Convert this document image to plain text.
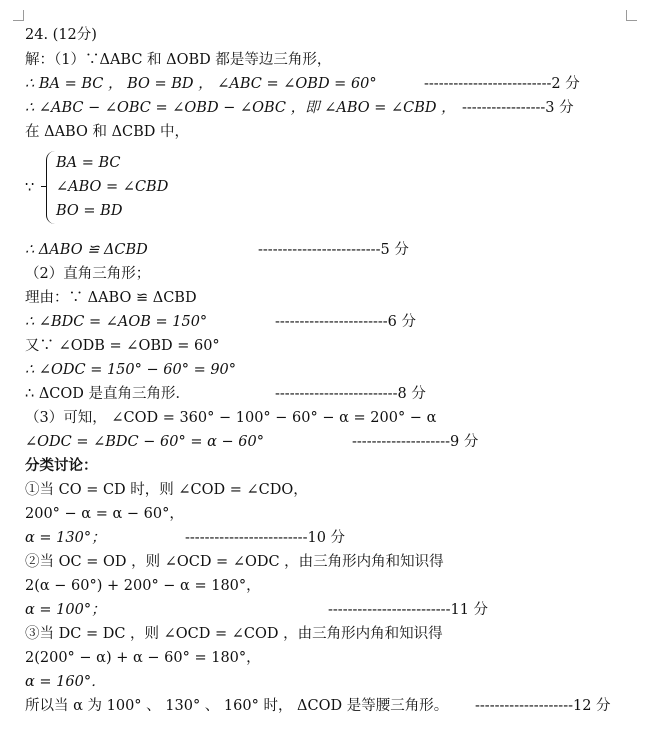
24. (12分)
解：（1）∵ΔABC 和 ΔOBD 都是等边三角形，
∴ BA = BC ， BO = BD ， ∠ABC = ∠OBD = 60°	--------------------------2 分
∴ ∠ABC − ∠OBC = ∠OBD − ∠OBC ，即 ∠ABO = ∠CBD ， -----------------3 分
在 ΔABO 和 ΔCBD 中，
∵
BA = BC
∠ABO = ∠CBD
BO = BD
∴ ΔABO ≌ ΔCBD	-------------------------5 分
（2）直角三角形；
理由：∵ ΔABO ≌ ΔCBD
∴ ∠BDC = ∠AOB = 150°	-----------------------6 分
又∵ ∠ODB = ∠OBD = 60°
∴ ∠ODC = 150° − 60° = 90°
∴ ΔCOD 是直角三角形．	-------------------------8 分
（3）可知， ∠COD = 360° − 100° − 60° − α = 200° − α
∠ODC = ∠BDC − 60° = α − 60°	--------------------9 分
分类讨论：
①当 CO = CD 时，则 ∠COD = ∠CDO，
200° − α = α − 60°，
α = 130°；	-------------------------10 分
②当 OC = OD ，则 ∠OCD = ∠ODC ，由三角形内角和知识得
2(α − 60°) + 200° − α = 180°，
α = 100°；	-------------------------11 分
③当 DC = DC ，则 ∠OCD = ∠COD ，由三角形内角和知识得
2(200° − α) + α − 60° = 180°，
α = 160°．
所以当 α 为 100° 、 130° 、 160° 时， ΔCOD 是等腰三角形。 --------------------12 分
